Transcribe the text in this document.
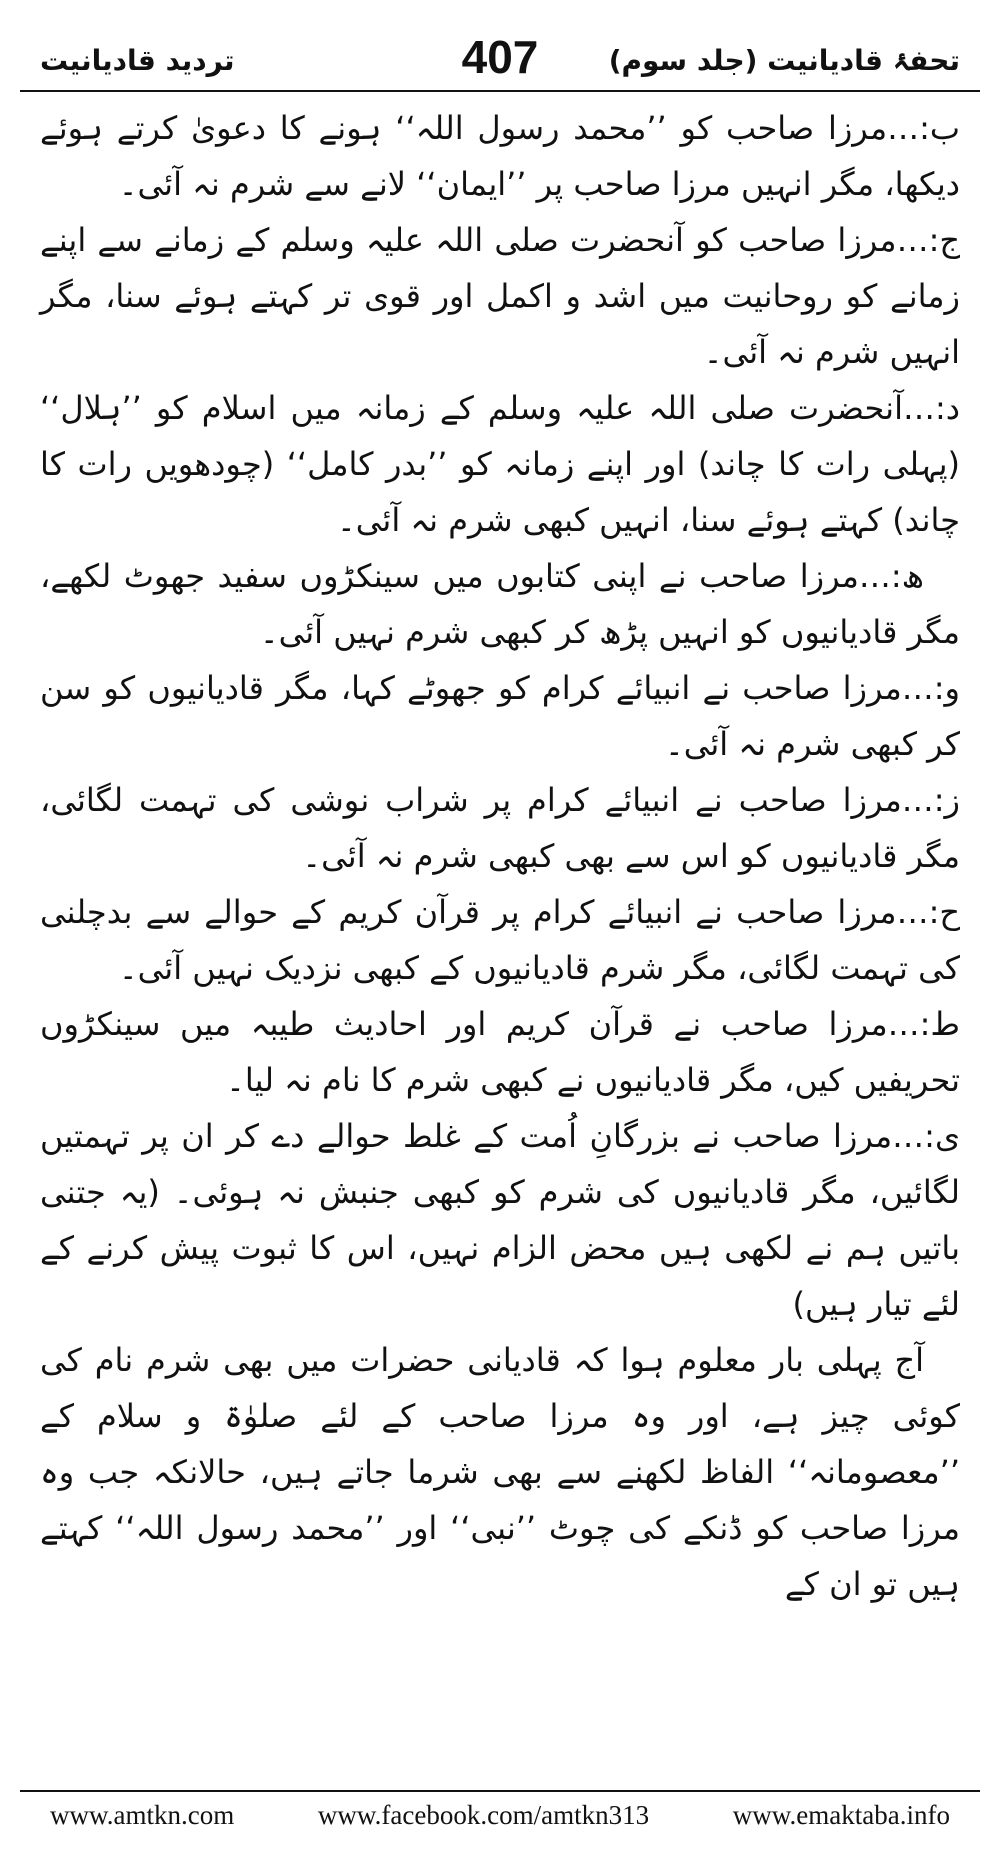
تردید قادیانیت	407	تحفۂ قادیانیت (جلد سوم)

ب:…مرزا صاحب کو ’’محمد رسول اللہ‘‘ ہونے کا دعویٰ کرتے ہوئے دیکھا، مگر انہیں مرزا صاحب پر ’’ایمان‘‘ لانے سے شرم نہ آئی۔

ج:…مرزا صاحب کو آنحضرت صلی اللہ علیہ وسلم کے زمانے سے اپنے زمانے کو روحانیت میں اشد و اکمل اور قوی تر کہتے ہوئے سنا، مگر انہیں شرم نہ آئی۔

د:…آنحضرت صلی اللہ علیہ وسلم کے زمانہ میں اسلام کو ’’ہلال‘‘ (پہلی رات کا چاند) اور اپنے زمانہ کو ’’بدر کامل‘‘ (چودھویں رات کا چاند) کہتے ہوئے سنا، انہیں کبھی شرم نہ آئی۔

ھ:…مرزا صاحب نے اپنی کتابوں میں سینکڑوں سفید جھوٹ لکھے، مگر قادیانیوں کو انہیں پڑھ کر کبھی شرم نہیں آئی۔

و:…مرزا صاحب نے انبیائے کرام کو جھوٹے کہا، مگر قادیانیوں کو سن کر کبھی شرم نہ آئی۔

ز:…مرزا صاحب نے انبیائے کرام پر شراب نوشی کی تہمت لگائی، مگر قادیانیوں کو اس سے بھی کبھی شرم نہ آئی۔

ح:…مرزا صاحب نے انبیائے کرام پر قرآن کریم کے حوالے سے بدچلنی کی تہمت لگائی، مگر شرم قادیانیوں کے کبھی نزدیک نہیں آئی۔

ط:…مرزا صاحب نے قرآن کریم اور احادیث طیبہ میں سینکڑوں تحریفیں کیں، مگر قادیانیوں نے کبھی شرم کا نام نہ لیا۔

ی:…مرزا صاحب نے بزرگانِ اُمت کے غلط حوالے دے کر ان پر تہمتیں لگائیں، مگر قادیانیوں کی شرم کو کبھی جنبش نہ ہوئی۔ (یہ جتنی باتیں ہم نے لکھی ہیں محض الزام نہیں، اس کا ثبوت پیش کرنے کے لئے تیار ہیں)

آج پہلی بار معلوم ہوا کہ قادیانی حضرات میں بھی شرم نام کی کوئی چیز ہے، اور وہ مرزا صاحب کے لئے صلوٰۃ و سلام کے ’’معصومانہ‘‘ الفاظ لکھنے سے بھی شرما جاتے ہیں، حالانکہ جب وہ مرزا صاحب کو ڈنکے کی چوٹ ’’نبی‘‘ اور ’’محمد رسول اللہ‘‘ کہتے ہیں تو ان کے

www.amtkn.com	www.facebook.com/amtkn313	www.emaktaba.info
